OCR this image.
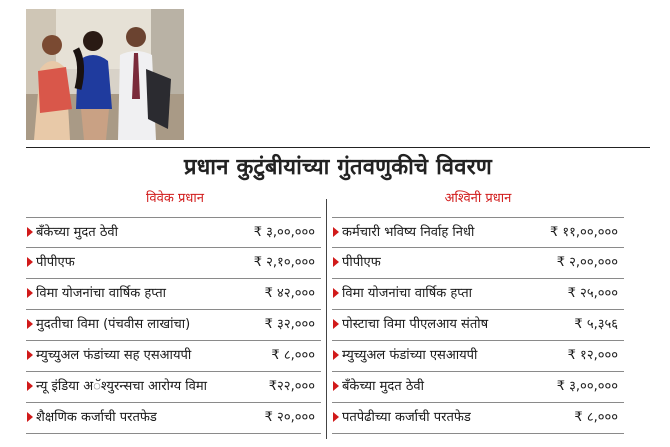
प्रधान कुटुंबीयांच्या गुंतवणुकीचे विवरण
विवेक प्रधान	अश्विनी प्रधान
बँकेच्या मुदत ठेवी	₹ ३,००,०००
पीपीएफ	₹ २,१०,०००
विमा योजनांचा वार्षिक हप्ता	₹ ४२,०००
मुदतीचा विमा (पंचवीस लाखांचा)	₹ ३२,०००
म्युच्युअल फंडांच्या सह एसआयपी	₹ ८,०००
न्यू इंडिया अॅश्युरन्सचा आरोग्य विमा	₹२२,०००
शैक्षणिक कर्जाची परतफेड	₹ २०,०००
कर्मचारी भविष्य निर्वाह निधी	₹ ११,००,०००
पीपीएफ	₹ २,००,०००
विमा योजनांचा वार्षिक हप्ता	₹ २५,०००
पोस्टाचा विमा पीएलआय संतोष	₹ ५,३५६
म्युच्युअल फंडांच्या एसआयपी	₹ १२,०००
बँकेच्या मुदत ठेवी	₹ ३,००,०००
पतपेढीच्या कर्जाची परतफेड	₹ ८,०००
